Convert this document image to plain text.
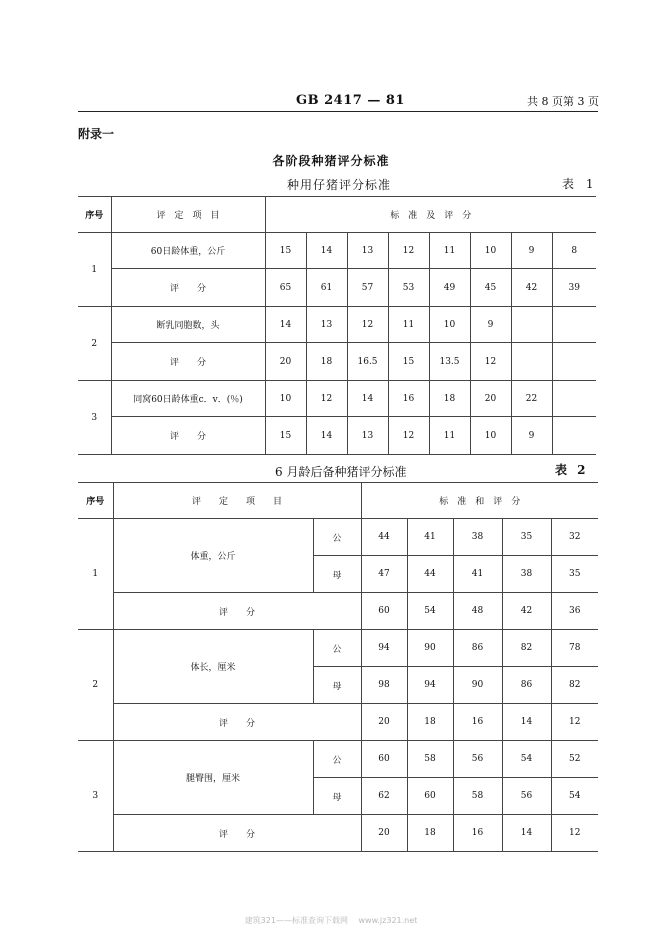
GB 2417 — 81	共 8 页第 3 页
附录一
各阶段种猪评分标准
种用仔猪评分标准	表 1
序号	评　定　项　目	标　准　及　评　分							
1	60日龄体重，公斤	15	14	13	12	11	10	9	8
	评　　分	65	61	57	53	49	45	42	39
2	断乳同胞数，头	14	13	12	11	10	9		
	评　　分	20	18	16.5	15	13.5	12		
3	同窝60日龄体重c．v．(％)	10	12	14	16	18	20	22	
	评　　分	15	14	13	12	11	10	9	
6 月龄后备种猪评分标准	表 2
序号	评　　定　　项　　目		标　准　和　评　分				
1	体重，公斤	公	44	41	38	35	32
		母	47	44	41	38	35
	评　　分		60	54	48	42	36
2	体长，厘米	公	94	90	86	82	78
		母	98	94	90	86	82
	评　　分		20	18	16	14	12
3	腿臀围，厘米	公	60	58	56	54	52
		母	62	60	58	56	54
	评　　分		20	18	16	14	12
建筑321——标准查询下载网　 www.jz321.net
